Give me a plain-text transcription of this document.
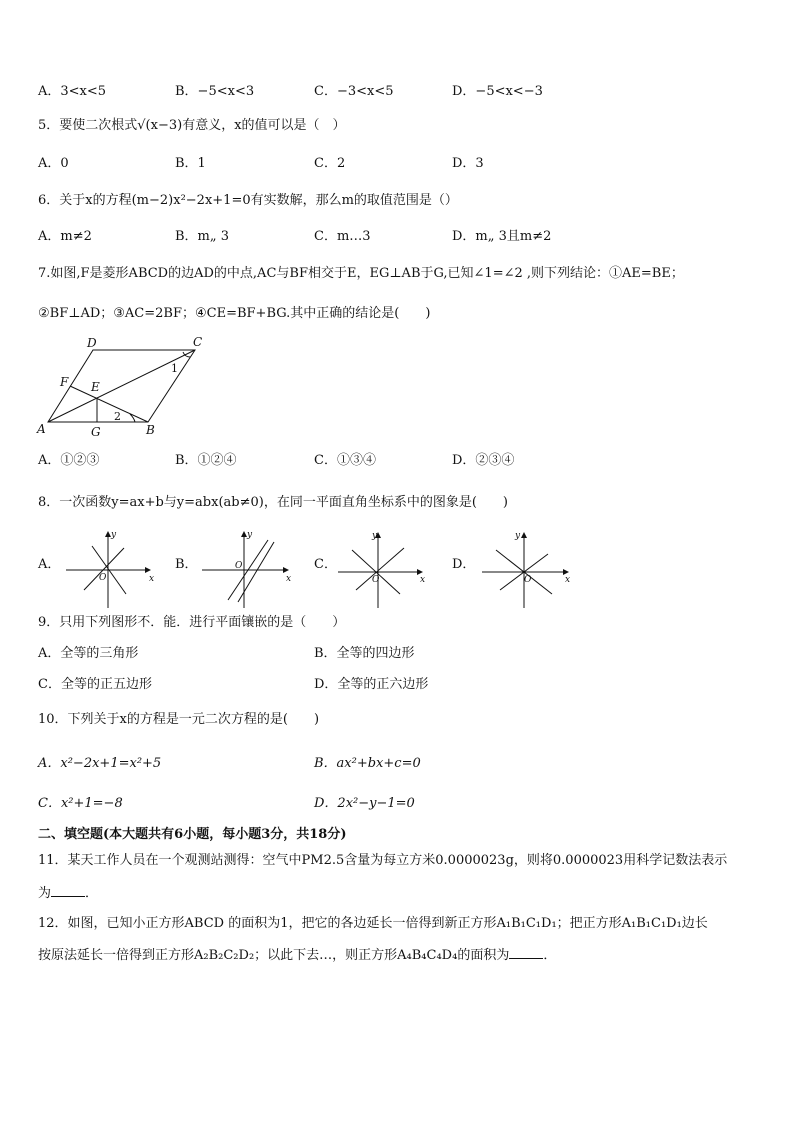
A．3<x<5	B．−5<x<3	C．−3<x<5	D．−5<x<−3
5．要使二次根式√(x−3)有意义，x的值可以是（　）
A．0	B．1	C．2	D．3
6．关于x的方程(m−2)x²−2x+1=0有实数解，那么m的取值范围是（）
A．m≠2	B．m„ 3	C．m…3	D．m„ 3且m≠2
7.如图,F是菱形ABCD的边AD的中点,AC与BF相交于E，EG⊥AB于G,已知∠1=∠2 ,则下列结论：①AE=BE；
②BF⊥AD；③AC=2BF；④CE=BF+BG.其中正确的结论是(　　)
D	C
F E
A	G	B
1
2
A．①②③	B．①②④	C．①③④	D．②③④
8．一次函数y=ax+b与y=abx(ab≠0)，在同一平面直角坐标系中的图象是(　　)
A．	B．	C．	D．
y
x
O
y
x
O
y
x
O
y
x
O
9．只用下列图形不．能．进行平面镶嵌的是（　　）
A．全等的三角形	B．全等的四边形
C．全等的正五边形	D．全等的正六边形
10．下列关于x的方程是一元二次方程的是(　　)
A．x²−2x+1=x²+5	B．ax²+bx+c=0
C．x²+1=−8	D．2x²−y−1=0
二、填空题(本大题共有6小题，每小题3分，共18分)
11．某天工作人员在一个观测站测得：空气中PM2.5含量为每立方米0.0000023g，则将0.0000023用科学记数法表示
为	．
12．如图，已知小正方形ABCD 的面积为1，把它的各边延长一倍得到新正方形A₁B₁C₁D₁；把正方形A₁B₁C₁D₁边长
按原法延长一倍得到正方形A₂B₂C₂D₂；以此下去…，则正方形A₄B₄C₄D₄的面积为	．
